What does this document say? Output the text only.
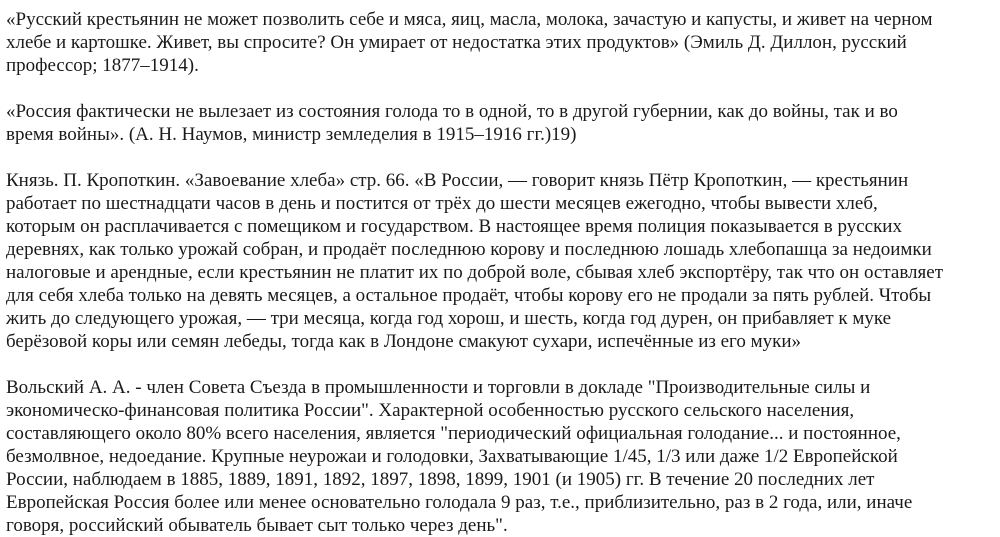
«Русский крестьянин не может позволить себе и мяса, яиц, масла, молока, зачастую и капусты, и живет на черном
хлебе и картошке. Живет, вы спросите? Он умирает от недостатка этих продуктов» (Эмиль Д. Диллон, русский
профессор; 1877–1914).

«Россия фактически не вылезает из состояния голода то в одной, то в другой губернии, как до войны, так и во
время войны». (А. Н. Наумов, министр земледелия в 1915–1916 гг.)19)

Князь. П. Кропоткин. «Завоевание хлеба» стр. 66. «В России, — говорит князь Пётр Кропоткин, — крестьянин
работает по шестнадцати часов в день и постится от трёх до шести месяцев ежегодно, чтобы вывести хлеб,
которым он расплачивается с помещиком и государством. В настоящее время полиция показывается в русских
деревнях, как только урожай собран, и продаёт последнюю корову и последнюю лошадь хлебопашца за недоимки
налоговые и арендные, если крестьянин не платит их по доброй воле, сбывая хлеб экспортёру, так что он оставляет
для себя хлеба только на девять месяцев, а остальное продаёт, чтобы корову его не продали за пять рублей. Чтобы
жить до следующего урожая, — три месяца, когда год хорош, и шесть, когда год дурен, он прибавляет к муке
берёзовой коры или семян лебеды, тогда как в Лондоне смакуют сухари, испечённые из его муки»

Вольский А. А. - член Совета Съезда в промышленности и торговли в докладе "Производительные силы и
экономическо-финансовая политика России". Характерной особенностью русского сельского населения,
составляющего около 80% всего населения, является "периодический официальная голодание... и постоянное,
безмолвное, недоедание. Крупные неурожаи и голодовки, Захватывающие 1/45, 1/3 или даже 1/2 Европейской
России, наблюдаем в 1885, 1889, 1891, 1892, 1897, 1898, 1899, 1901 (и 1905) гг. В течение 20 последних лет
Европейская Россия более или менее основательно голодала 9 раз, т.е., приблизительно, раз в 2 года, или, иначе
говоря, российский обыватель бывает сыт только через день".
